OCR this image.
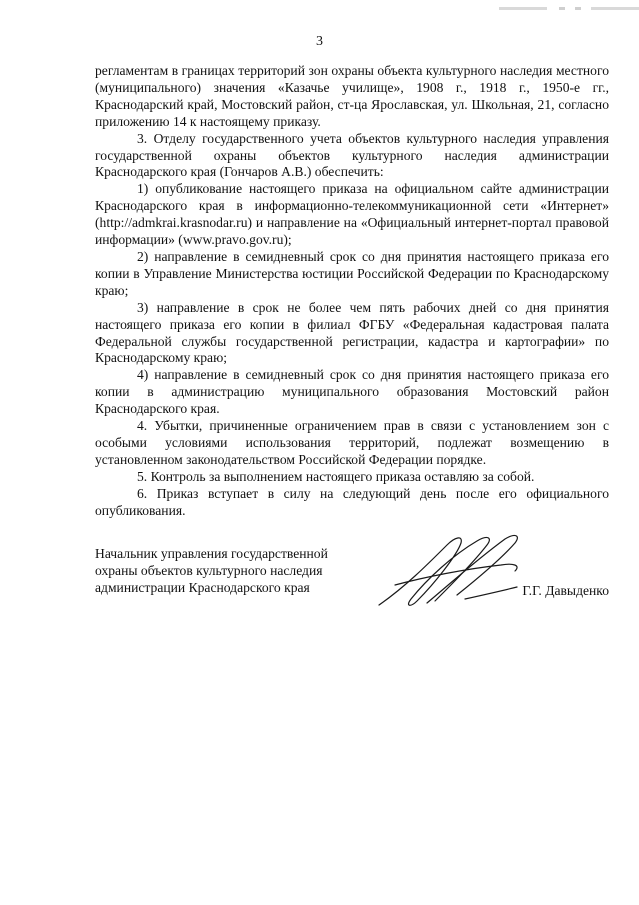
3

регламентам в границах территорий зон охраны объекта культурного наследия местного (муниципального) значения «Казачье училище», 1908 г., 1918 г., 1950-е гг., Краснодарский край, Мостовский район, ст-ца Ярославская, ул. Школьная, 21, согласно приложению 14 к настоящему приказу.

3. Отделу государственного учета объектов культурного наследия управления государственной охраны объектов культурного наследия администрации Краснодарского края (Гончаров А.В.) обеспечить:

1) опубликование настоящего приказа на официальном сайте администрации Краснодарского края в информационно-телекоммуникационной сети «Интернет» (http://admkrai.krasnodar.ru) и направление на «Официальный интернет-портал правовой информации» (www.pravo.gov.ru);

2) направление в семидневный срок со дня принятия настоящего приказа его копии в Управление Министерства юстиции Российской Федерации по Краснодарскому краю;

3) направление в срок не более чем пять рабочих дней со дня принятия настоящего приказа его копии в филиал ФГБУ «Федеральная кадастровая палата Федеральной службы государственной регистрации, кадастра и картографии» по Краснодарскому краю;

4) направление в семидневный срок со дня принятия настоящего приказа его копии в администрацию муниципального образования Мостовский район Краснодарского края.

4. Убытки, причиненные ограничением прав в связи с установлением зон с особыми условиями использования территорий, подлежат возмещению в установленном законодательством Российской Федерации порядке.

5. Контроль за выполнением настоящего приказа оставляю за собой.

6. Приказ вступает в силу на следующий день после его официального опубликования.

Начальник управления государственной
охраны объектов культурного наследия
администрации Краснодарского края	Г.Г. Давыденко
